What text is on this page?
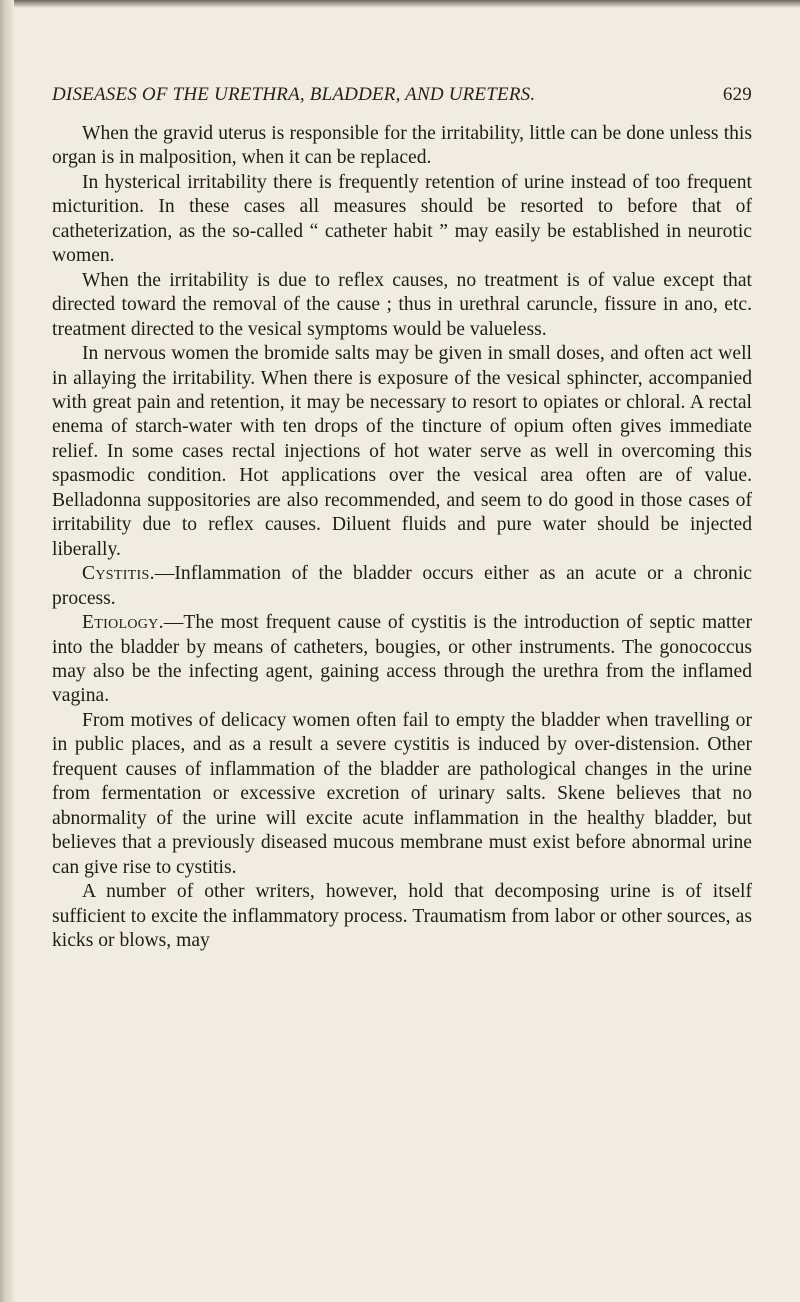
DISEASES OF THE URETHRA, BLADDER, AND URETERS.	629

When the gravid uterus is responsible for the irritability, little can be done unless this organ is in malposition, when it can be replaced.

In hysterical irritability there is frequently retention of urine instead of too frequent micturition. In these cases all measures should be resorted to before that of catheterization, as the so-called “ catheter habit ” may easily be established in neurotic women.

When the irritability is due to reflex causes, no treatment is of value except that directed toward the removal of the cause ; thus in urethral caruncle, fissure in ano, etc. treatment directed to the vesical symptoms would be valueless.

In nervous women the bromide salts may be given in small doses, and often act well in allaying the irritability. When there is exposure of the vesical sphincter, accompanied with great pain and retention, it may be necessary to resort to opiates or chloral. A rectal enema of starch-water with ten drops of the tincture of opium often gives immediate relief. In some cases rectal injections of hot water serve as well in overcoming this spasmodic condition. Hot applications over the vesical area often are of value. Belladonna suppositories are also recommended, and seem to do good in those cases of irritability due to reflex causes. Diluent fluids and pure water should be injected liberally.

Cystitis.—Inflammation of the bladder occurs either as an acute or a chronic process.

Etiology.—The most frequent cause of cystitis is the introduction of septic matter into the bladder by means of catheters, bougies, or other instruments. The gonococcus may also be the infecting agent, gaining access through the urethra from the inflamed vagina.

From motives of delicacy women often fail to empty the bladder when travelling or in public places, and as a result a severe cystitis is induced by over-distension. Other frequent causes of inflammation of the bladder are pathological changes in the urine from fermentation or excessive excretion of urinary salts. Skene believes that no abnormality of the urine will excite acute inflammation in the healthy bladder, but believes that a previously diseased mucous membrane must exist before abnormal urine can give rise to cystitis.

A number of other writers, however, hold that decomposing urine is of itself sufficient to excite the inflammatory process. Traumatism from labor or other sources, as kicks or blows, may
